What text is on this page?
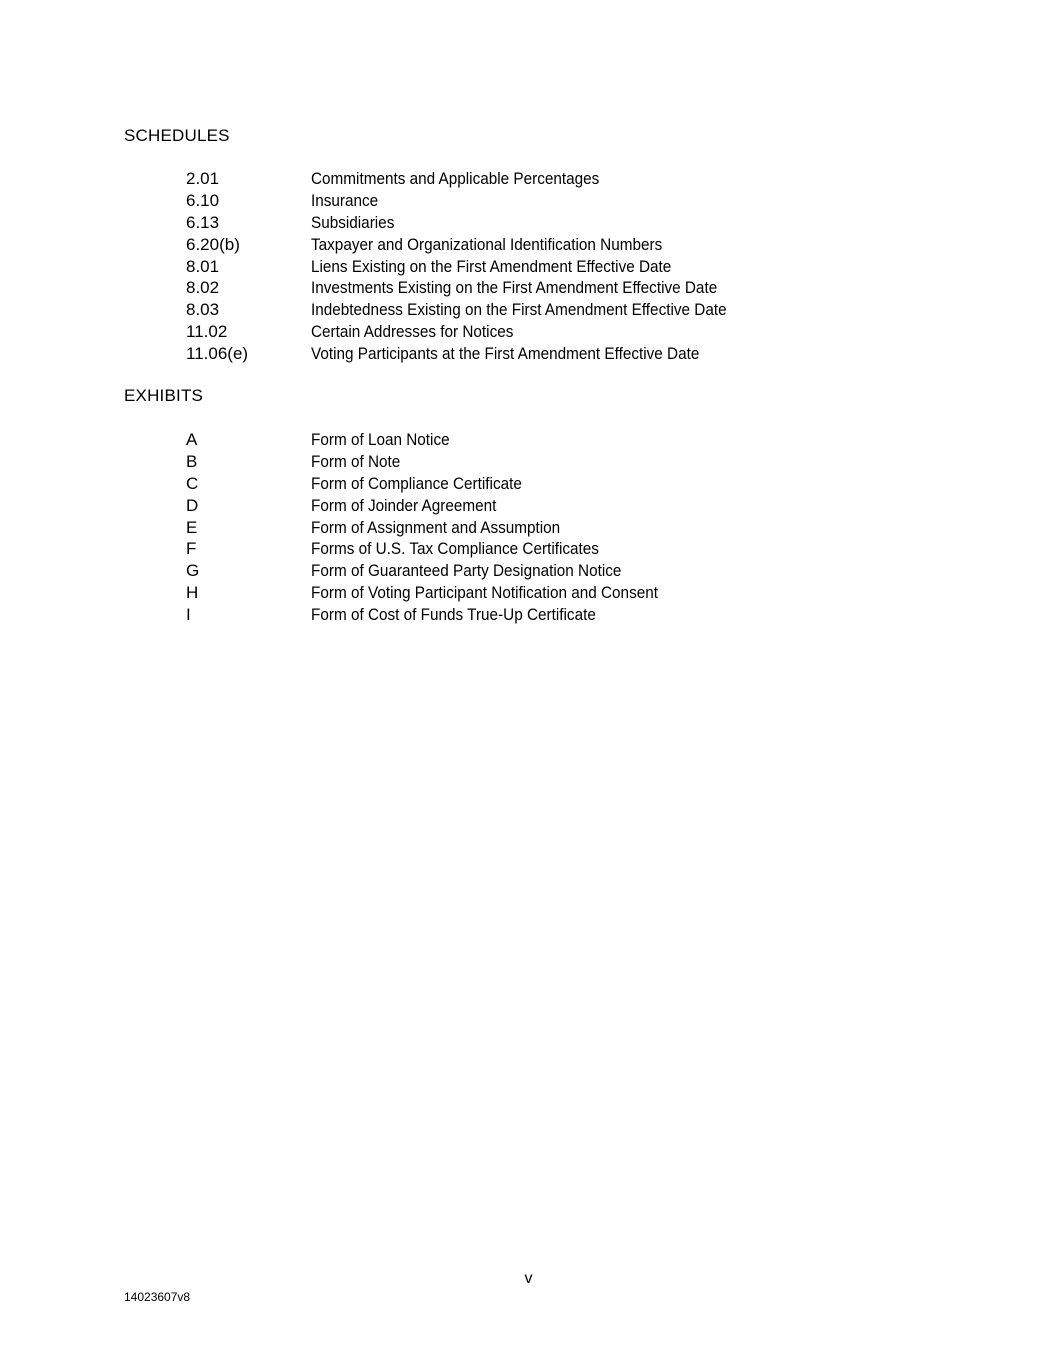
SCHEDULES
2.01	Commitments and Applicable Percentages
6.10	Insurance
6.13	Subsidiaries
6.20(b)	Taxpayer and Organizational Identification Numbers
8.01	Liens Existing on the First Amendment Effective Date
8.02	Investments Existing on the First Amendment Effective Date
8.03	Indebtedness Existing on the First Amendment Effective Date
11.02	Certain Addresses for Notices
11.06(e)	Voting Participants at the First Amendment Effective Date
EXHIBITS
A	Form of Loan Notice
B	Form of Note
C	Form of Compliance Certificate
D	Form of Joinder Agreement
E	Form of Assignment and Assumption
F	Forms of U.S. Tax Compliance Certificates
G	Form of Guaranteed Party Designation Notice
H	Form of Voting Participant Notification and Consent
I	Form of Cost of Funds True-Up Certificate
v
14023607v8
